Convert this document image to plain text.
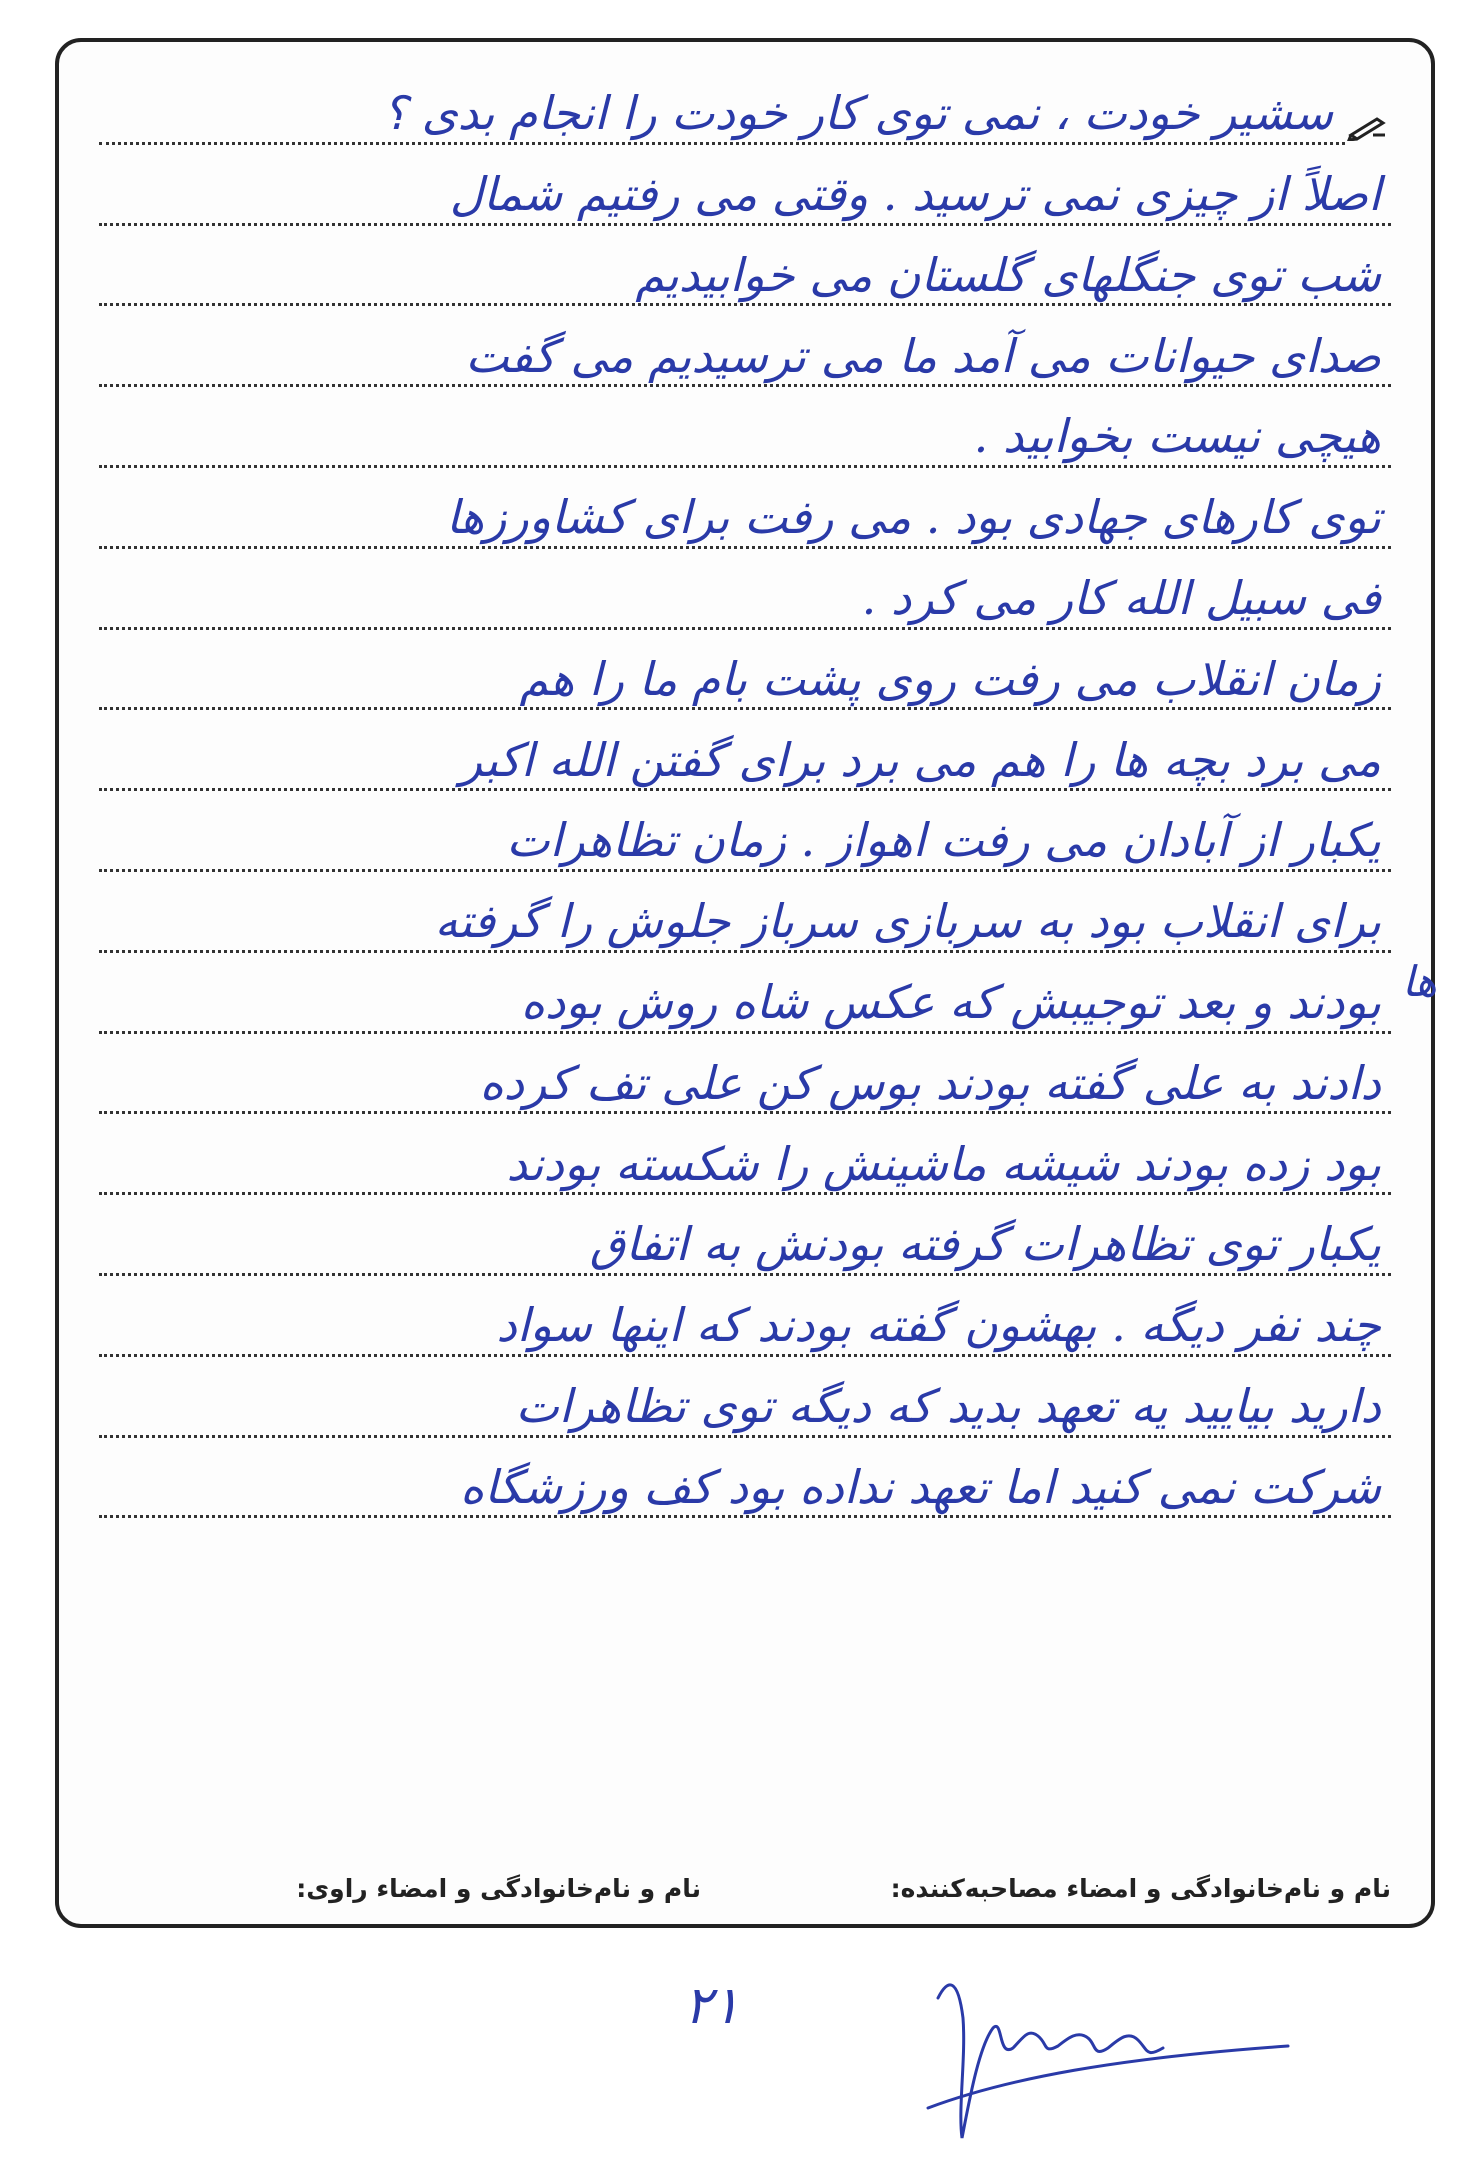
سشیر خودت ، نمی توی کار خودت را انجام بدی ؟
اصلاً از چیزی نمی ترسید . وقتی می رفتیم شمال
شب توی جنگلهای گلستان می خوابیدیم
صدای حیوانات می آمد ما می ترسیدیم می گفت
هیچی نیست بخوابید .
توی کارهای جهادی بود . می رفت برای کشاورزها
فی سبیل الله کار می کرد .
زمان انقلاب می رفت روی پشت بام ما را هم
می برد بچه ها را هم می برد برای گفتن الله اکبر
یکبار از آبادان می رفت اهواز . زمان تظاهرات
برای انقلاب بود به سربازی سرباز جلوش را گرفته
بودند و بعد توجیبش که عکس شاه روش بوده
دادند به علی گفته بودند بوس کن علی تف کرده
بود زده بودند شیشه ماشینش را شکسته بودند
یکبار توی تظاهرات گرفته بودنش به اتفاق
چند نفر دیگه . بهشون گفته بودند که اینها سواد
دارید بیایید یه تعهد بدید که دیگه توی تظاهرات
شرکت نمی کنید اما تعهد نداده بود کف ورزشگاه
نام و نام‌خانوادگی و امضاء مصاحبه‌کننده:
نام و نام‌خانوادگی و امضاء راوی:
ها
۲۱
